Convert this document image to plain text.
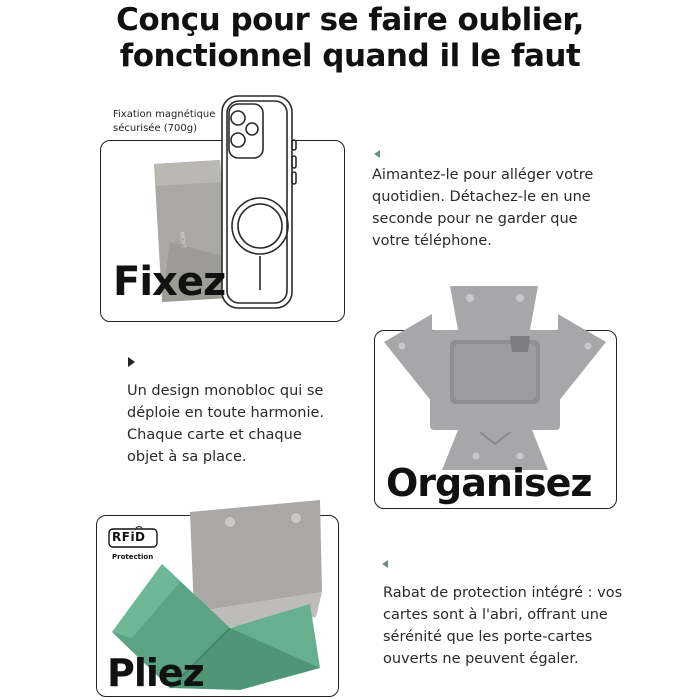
Conçu pour se faire oublier,
fonctionnel quand il le faut
Fixation magnétique
sécurisée (700g)
MOFT
Fixez
Aimantez-le pour alléger votre
quotidien. Détachez-le en une
seconde pour ne garder que
votre téléphone.
Organisez
Un design monobloc qui se
déploie en toute harmonie.
Chaque carte et chaque
objet à sa place.
RFiD
Protection
Pliez
Rabat de protection intégré : vos
cartes sont à l'abri, offrant une
sérénité que les porte-cartes
ouverts ne peuvent égaler.
